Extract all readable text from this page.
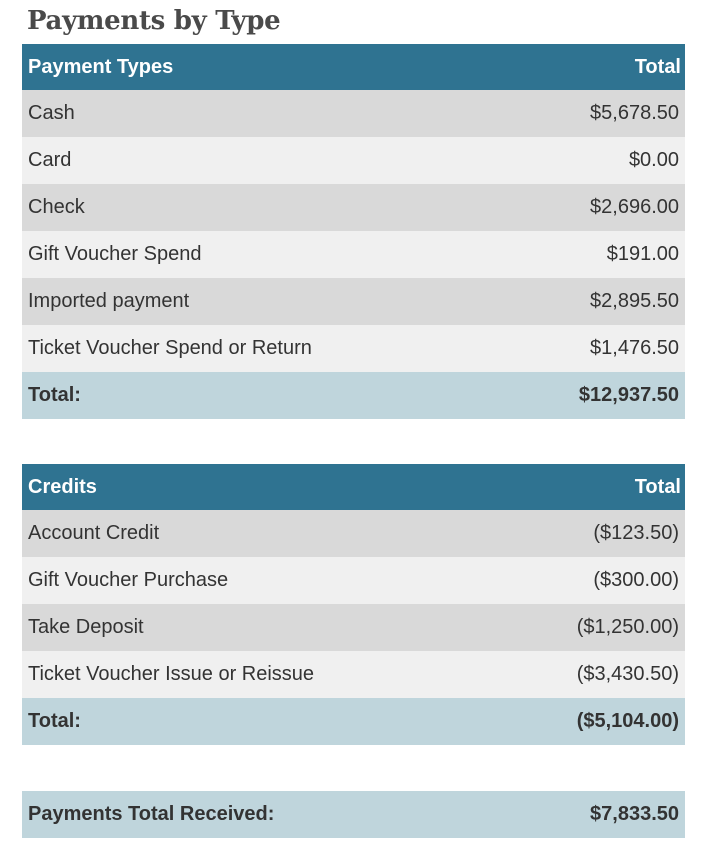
Payments by Type
Payment Types	Total
Cash	$5,678.50
Card	$0.00
Check	$2,696.00
Gift Voucher Spend	$191.00
Imported payment	$2,895.50
Ticket Voucher Spend or Return	$1,476.50
Total:	$12,937.50
Credits	Total
Account Credit	($123.50)
Gift Voucher Purchase	($300.00)
Take Deposit	($1,250.00)
Ticket Voucher Issue or Reissue	($3,430.50)
Total:	($5,104.00)
Payments Total Received:	$7,833.50
